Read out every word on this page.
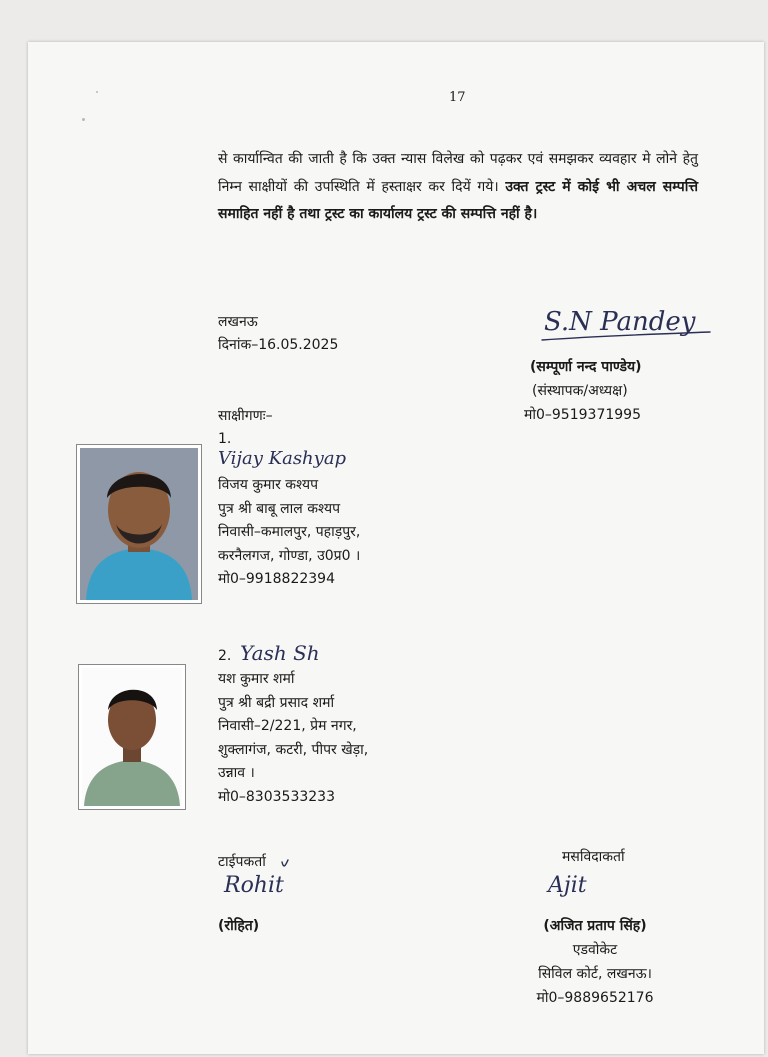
17
से कार्यान्वित की जाती है कि उक्त न्यास विलेख को पढ़कर एवं समझकर व्यवहार मे लोने हेतु निम्न साक्षीयों की उपस्थिति में हस्ताक्षर कर दियें गये। उक्त ट्रस्ट में कोई भी अचल सम्पत्ति समाहित नहीं है तथा ट्रस्ट का कार्यालय ट्रस्ट की सम्पत्ति नहीं है।
लखनऊ
दिनांक–16.05.2025
S.N Pandey
(सम्पूर्णा नन्द पाण्डेय)
(संस्थापक/अध्यक्ष)
मो0–9519371995
साक्षीगणः–
1.
Vijay Kashyap
विजय कुमार कश्यप
पुत्र श्री बाबू लाल कश्यप
निवासी–कमालपुर, पहाड़पुर,
करनैलगज, गोण्डा, उ0प्र0 ।
मो0–9918822394
2. Yash Sh
यश कुमार शर्मा
पुत्र श्री बद्री प्रसाद शर्मा
निवासी–2/221, प्रेम नगर,
शुक्लागंज, कटरी, पीपर खेड़ा,
उन्नाव ।
मो0–8303533233
टाईपकर्ता
Rohit
(रोहित)
मसविदाकर्ता
Ajit
(अजित प्रताप सिंह)
एडवोकेट
सिविल कोर्ट, लखनऊ।
मो0–9889652176
